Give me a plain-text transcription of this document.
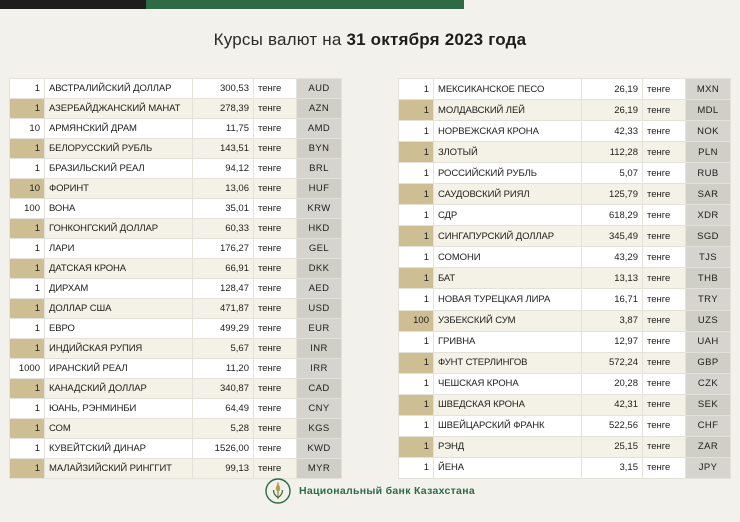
Курсы валют на 31 октября 2023 года
1	АВСТРАЛИЙСКИЙ ДОЛЛАР	300,53	тенге	AUD
1	АЗЕРБАЙДЖАНСКИЙ МАНАТ	278,39	тенге	AZN
10	АРМЯНСКИЙ ДРАМ	11,75	тенге	AMD
1	БЕЛОРУССКИЙ РУБЛЬ	143,51	тенге	BYN
1	БРАЗИЛЬСКИЙ РЕАЛ	94,12	тенге	BRL
10	ФОРИНТ	13,06	тенге	HUF
100	ВОНА	35,01	тенге	KRW
1	ГОНКОНГСКИЙ ДОЛЛАР	60,33	тенге	HKD
1	ЛАРИ	176,27	тенге	GEL
1	ДАТСКАЯ КРОНА	66,91	тенге	DKK
1	ДИРХАМ	128,47	тенге	AED
1	ДОЛЛАР США	471,87	тенге	USD
1	ЕВРО	499,29	тенге	EUR
1	ИНДИЙСКАЯ РУПИЯ	5,67	тенге	INR
1000	ИРАНСКИЙ РЕАЛ	11,20	тенге	IRR
1	КАНАДСКИЙ ДОЛЛАР	340,87	тенге	CAD
1	ЮАНЬ, РЭНМИНБИ	64,49	тенге	CNY
1	СОМ	5,28	тенге	KGS
1	КУВЕЙТСКИЙ ДИНАР	1526,00	тенге	KWD
1	МАЛАЙЗИЙСКИЙ РИНГГИТ	99,13	тенге	MYR
1	МЕКСИКАНСКОЕ ПЕСО	26,19	тенге	MXN
1	МОЛДАВСКИЙ ЛЕЙ	26,19	тенге	MDL
1	НОРВЕЖСКАЯ КРОНА	42,33	тенге	NOK
1	ЗЛОТЫЙ	112,28	тенге	PLN
1	РОССИЙСКИЙ РУБЛЬ	5,07	тенге	RUB
1	САУДОВСКИЙ РИЯЛ	125,79	тенге	SAR
1	СДР	618,29	тенге	XDR
1	СИНГАПУРСКИЙ ДОЛЛАР	345,49	тенге	SGD
1	СОМОНИ	43,29	тенге	TJS
1	БАТ	13,13	тенге	THB
1	НОВАЯ ТУРЕЦКАЯ ЛИРА	16,71	тенге	TRY
100	УЗБЕКСКИЙ СУМ	3,87	тенге	UZS
1	ГРИВНА	12,97	тенге	UAH
1	ФУНТ СТЕРЛИНГОВ	572,24	тенге	GBP
1	ЧЕШСКАЯ КРОНА	20,28	тенге	CZK
1	ШВЕДСКАЯ КРОНА	42,31	тенге	SEK
1	ШВЕЙЦАРСКИЙ ФРАНК	522,56	тенге	CHF
1	РЭНД	25,15	тенге	ZAR
1	ЙЕНА	3,15	тенге	JPY
Национальный банк Казахстана
